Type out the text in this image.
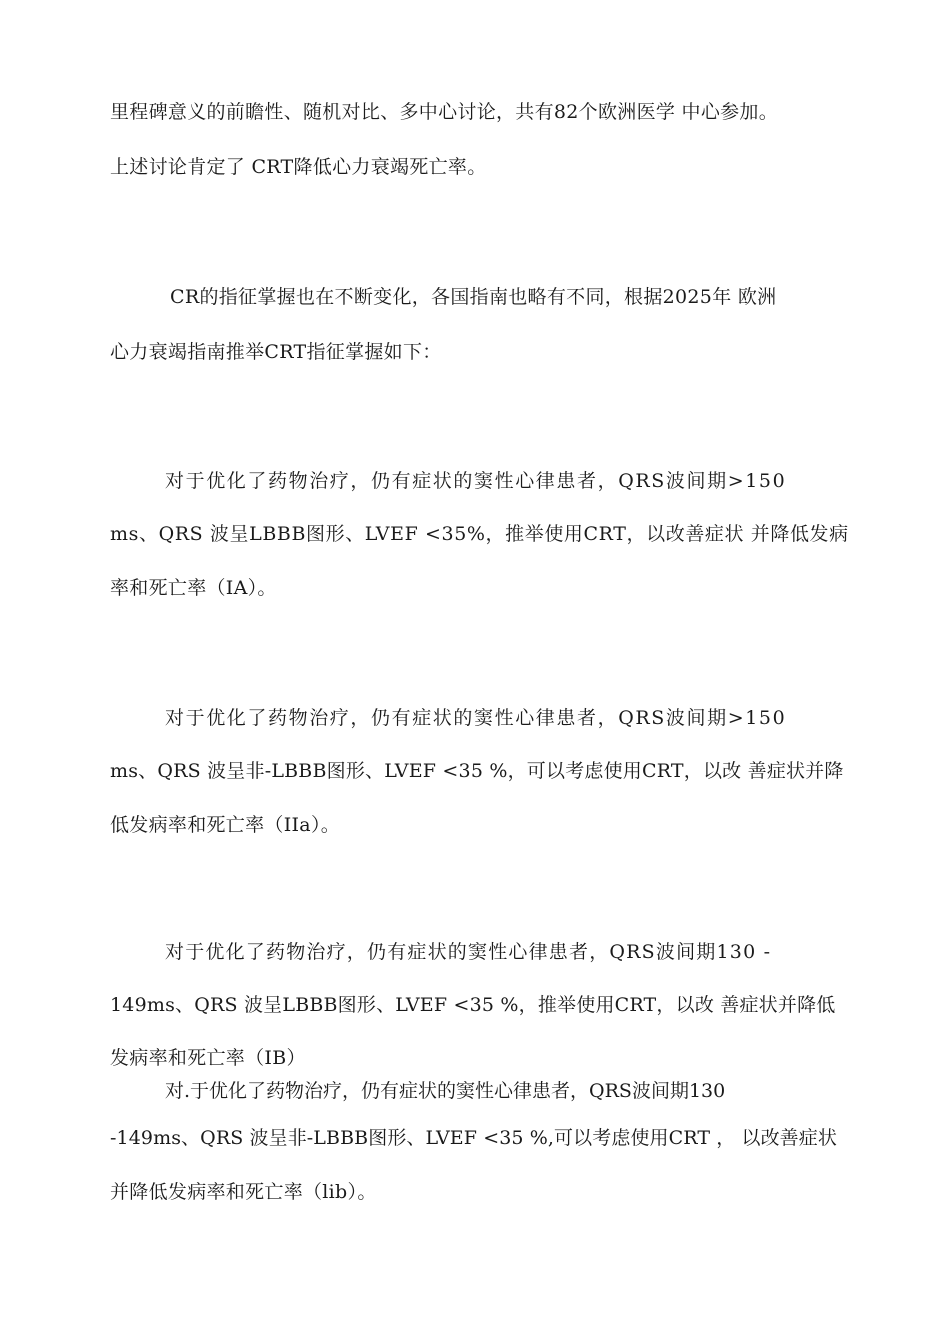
里程碑意义的前瞻性、随机对比、多中心讨论，共有82个欧洲医学 中心参加。
上述讨论肯定了 CRT降低心力衰竭死亡率。
CR的指征掌握也在不断变化，各国指南也略有不同，根据2025年 欧洲
心力衰竭指南推举CRT指征掌握如下：
对于优化了药物治疗，仍有症状的窦性心律患者，QRS波间期>150
ms、QRS 波呈LBBB图形、LVEF <35%，推举使用CRT，以改善症状 并降低发病
率和死亡率（IA）。
对于优化了药物治疗，仍有症状的窦性心律患者，QRS波间期>150
ms、QRS 波呈非-LBBB图形、LVEF <35 %，可以考虑使用CRT，以改 善症状并降
低发病率和死亡率（IIa）。
对于优化了药物治疗，仍有症状的窦性心律患者，QRS波间期130 -
149ms、QRS 波呈LBBB图形、LVEF <35 %，推举使用CRT，以改 善症状并降低
发病率和死亡率（IB）
对.于优化了药物治疗，仍有症状的窦性心律患者，QRS波间期130
-149ms、QRS 波呈非-LBBB图形、LVEF <35 %,可以考虑使用CRT ， 以改善症状
并降低发病率和死亡率（lib）。
